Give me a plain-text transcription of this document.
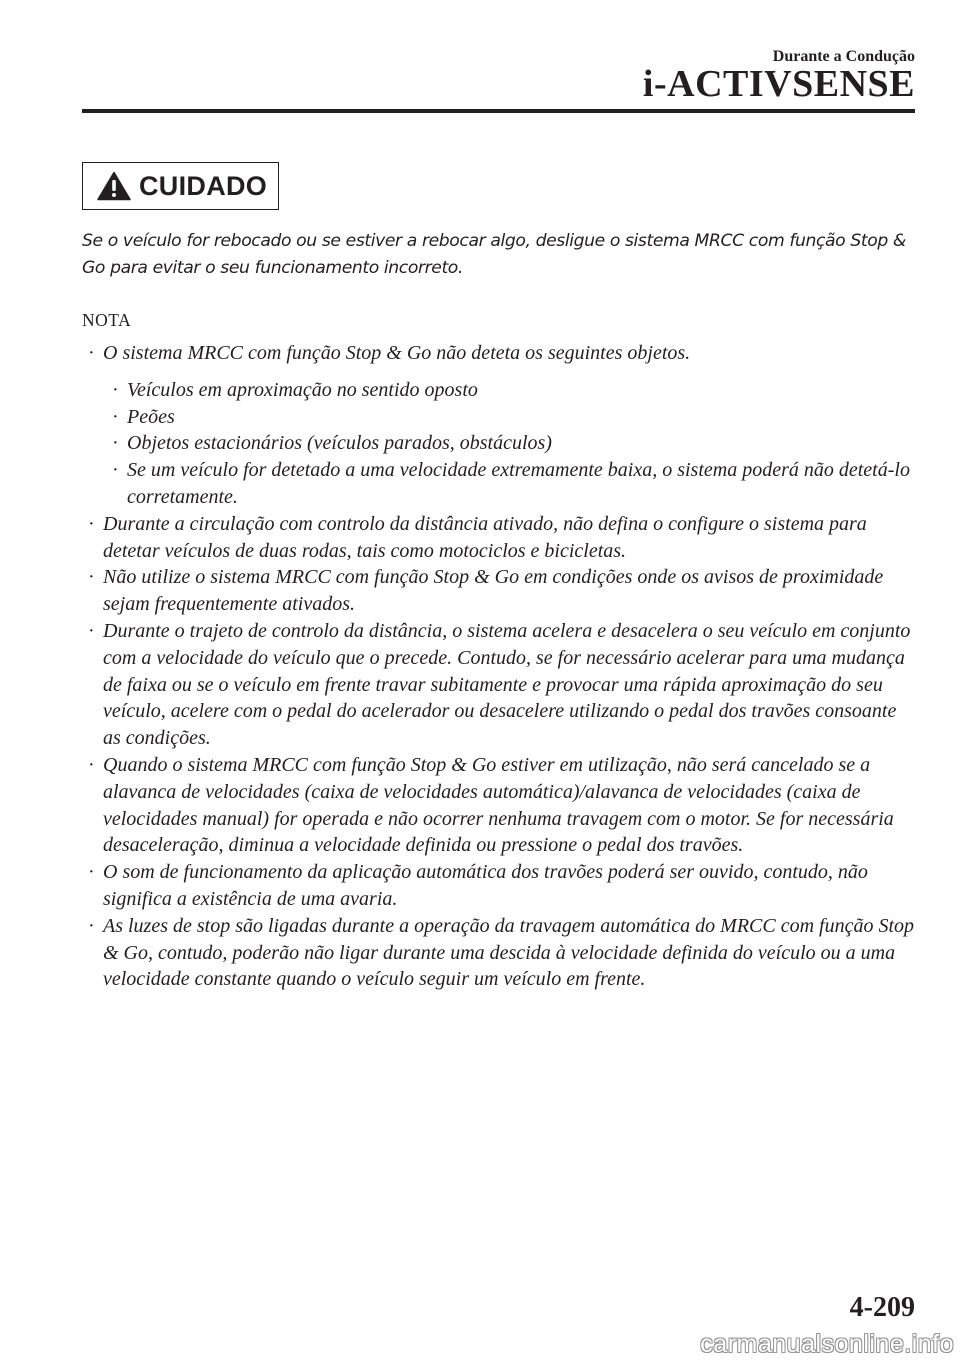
Durante a Condução
i-ACTIVSENSE
CUIDADO

Se o veículo for rebocado ou se estiver a rebocar algo, desligue o sistema MRCC com função Stop & Go para evitar o seu funcionamento incorreto.

NOTA
· O sistema MRCC com função Stop & Go não deteta os seguintes objetos.
· Veículos em aproximação no sentido oposto
· Peões
· Objetos estacionários (veículos parados, obstáculos)
· Se um veículo for detetado a uma velocidade extremamente baixa, o sistema poderá não detetá-lo corretamente.
· Durante a circulação com controlo da distância ativado, não defina o configure o sistema para detetar veículos de duas rodas, tais como motociclos e bicicletas.
· Não utilize o sistema MRCC com função Stop & Go em condições onde os avisos de proximidade sejam frequentemente ativados.
· Durante o trajeto de controlo da distância, o sistema acelera e desacelera o seu veículo em conjunto com a velocidade do veículo que o precede. Contudo, se for necessário acelerar para uma mudança de faixa ou se o veículo em frente travar subitamente e provocar uma rápida aproximação do seu veículo, acelere com o pedal do acelerador ou desacelere utilizando o pedal dos travões consoante as condições.
· Quando o sistema MRCC com função Stop & Go estiver em utilização, não será cancelado se a alavanca de velocidades (caixa de velocidades automática)/alavanca de velocidades (caixa de velocidades manual) for operada e não ocorrer nenhuma travagem com o motor. Se for necessária desaceleração, diminua a velocidade definida ou pressione o pedal dos travões.
· O som de funcionamento da aplicação automática dos travões poderá ser ouvido, contudo, não significa a existência de uma avaria.
· As luzes de stop são ligadas durante a operação da travagem automática do MRCC com função Stop & Go, contudo, poderão não ligar durante uma descida à velocidade definida do veículo ou a uma velocidade constante quando o veículo seguir um veículo em frente.
4-209
carmanualsonline.info
